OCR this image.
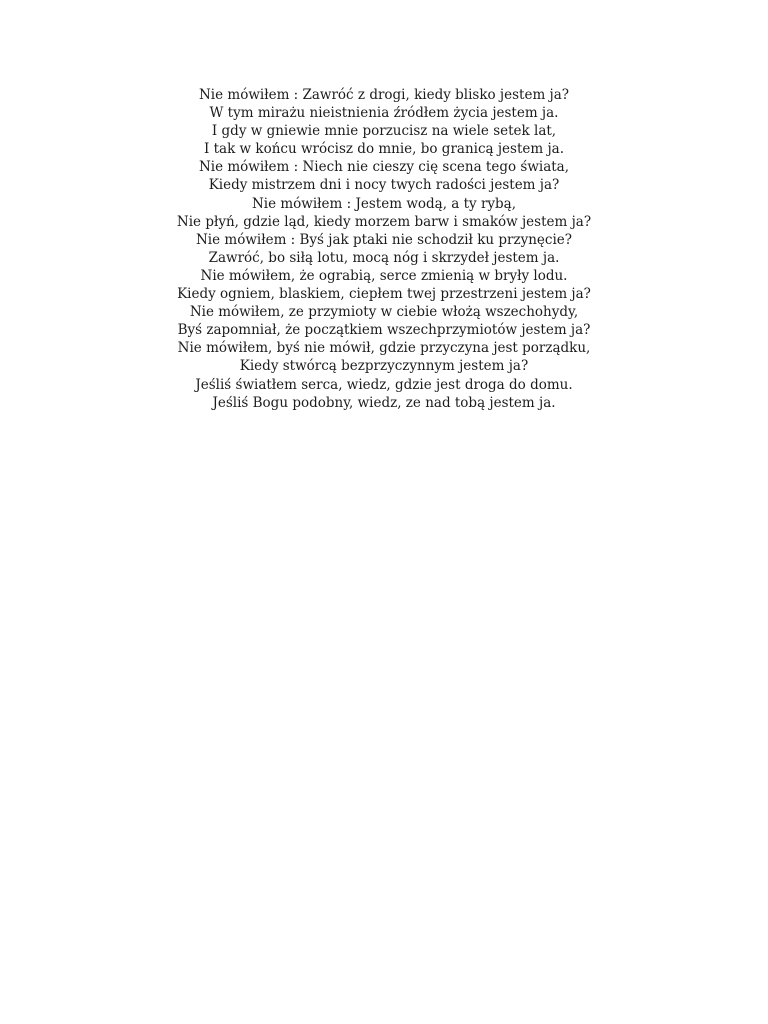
Nie mówiłem : Zawróć z drogi, kiedy blisko jestem ja?
W tym mirażu nieistnienia źródłem życia jestem ja.
I gdy w gniewie mnie porzucisz na wiele setek lat,
I tak w końcu wrócisz do mnie, bo granicą jestem ja.
Nie mówiłem : Niech nie cieszy cię scena tego świata,
Kiedy mistrzem dni i nocy twych radości jestem ja?
Nie mówiłem : Jestem wodą, a ty rybą,
Nie płyń, gdzie ląd, kiedy morzem barw i smaków jestem ja?
Nie mówiłem : Byś jak ptaki nie schodził ku przynęcie?
Zawróć, bo siłą lotu, mocą nóg i skrzydeł jestem ja.
Nie mówiłem, że ograbią, serce zmienią w bryły lodu.
Kiedy ogniem, blaskiem, ciepłem twej przestrzeni jestem ja?
Nie mówiłem, ze przymioty w ciebie włożą wszechohydy,
Byś zapomniał, że początkiem wszechprzymiotów jestem ja?
Nie mówiłem, byś nie mówił, gdzie przyczyna jest porządku,
Kiedy stwórcą bezprzyczynnym jestem ja?
Jeśliś światłem serca, wiedz, gdzie jest droga do domu.
Jeśliś Bogu podobny, wiedz, ze nad tobą jestem ja.
